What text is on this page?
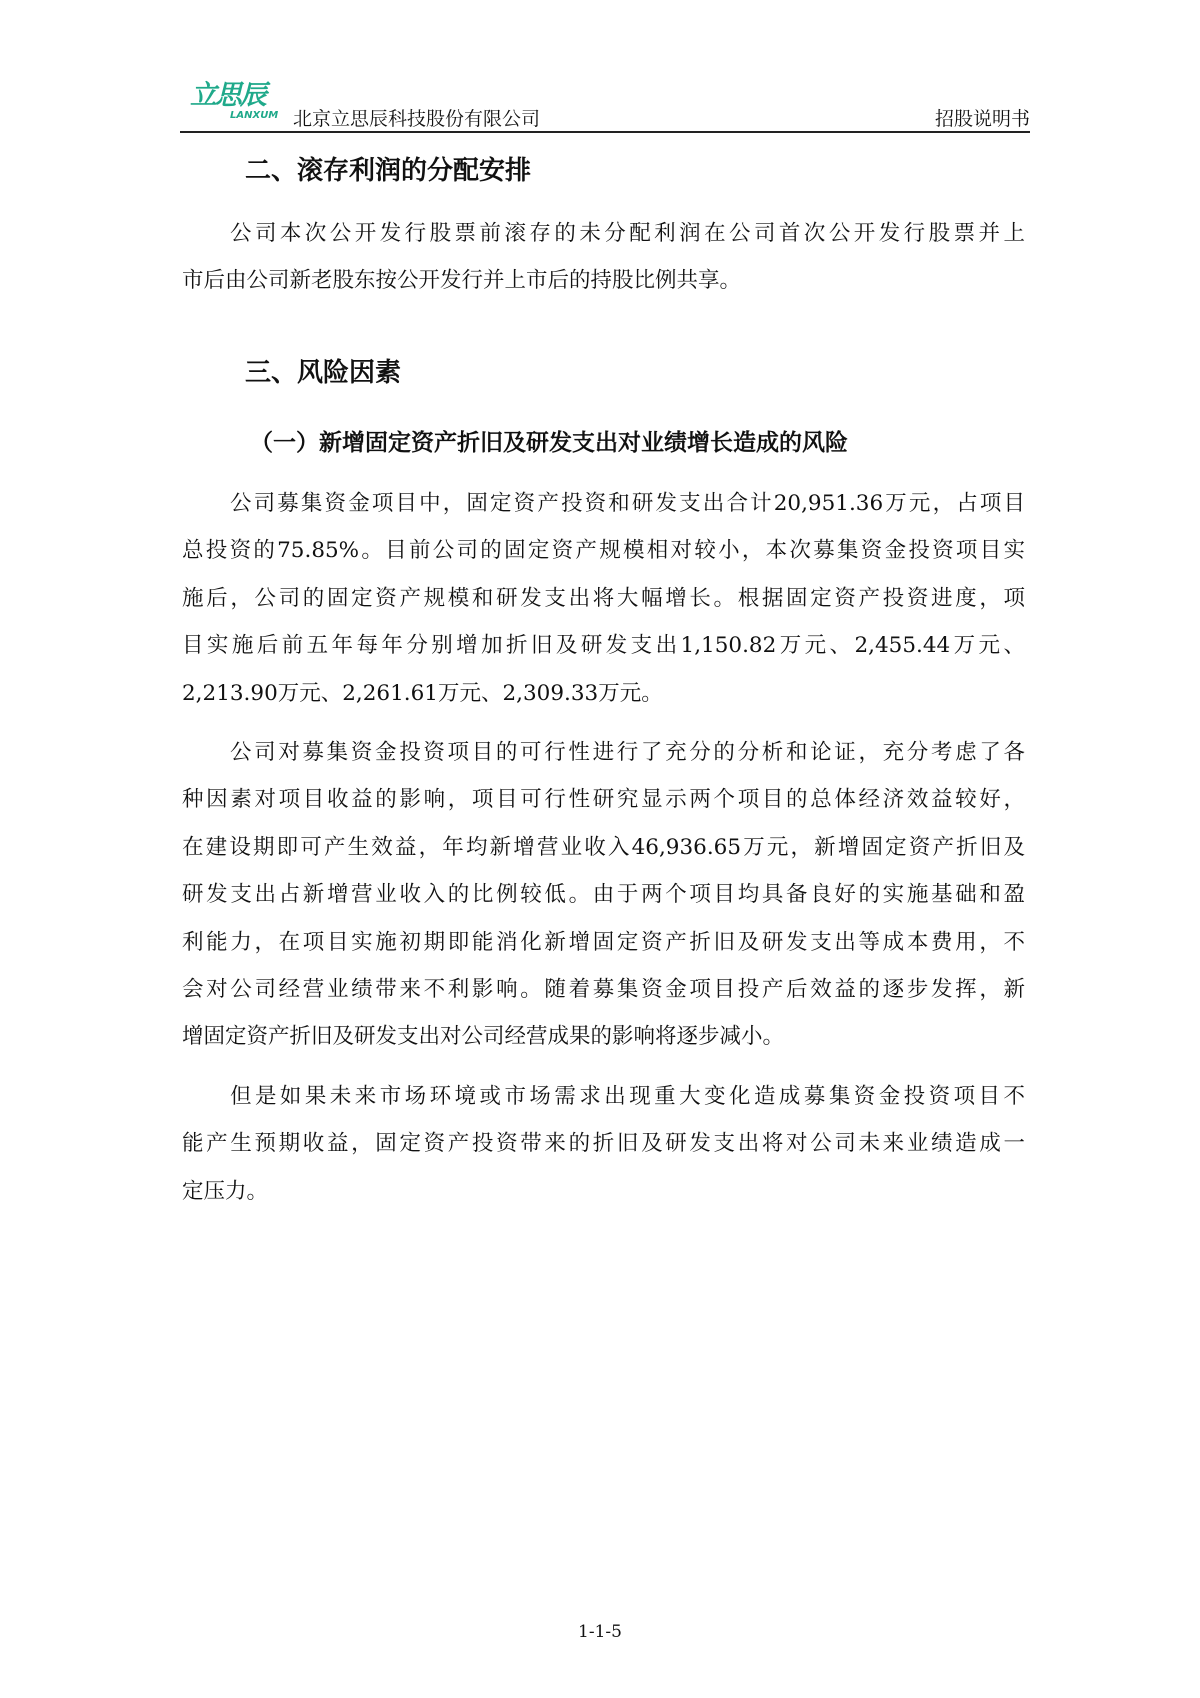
立思辰
LANXUM 北京立思辰科技股份有限公司	招股说明书
二、滚存利润的分配安排
公司本次公开发行股票前滚存的未分配利润在公司首次公开发行股票并上
市后由公司新老股东按公开发行并上市后的持股比例共享。
三、风险因素
（一）新增固定资产折旧及研发支出对业绩增长造成的风险
公司募集资金项目中，固定资产投资和研发支出合计20,951.36万元，占项目
总投资的75.85%。目前公司的固定资产规模相对较小，本次募集资金投资项目实
施后，公司的固定资产规模和研发支出将大幅增长。根据固定资产投资进度，项
目实施后前五年每年分别增加折旧及研发支出1,150.82万元、2,455.44万元、
2,213.90万元、2,261.61万元、2,309.33万元。
公司对募集资金投资项目的可行性进行了充分的分析和论证，充分考虑了各
种因素对项目收益的影响，项目可行性研究显示两个项目的总体经济效益较好，
在建设期即可产生效益，年均新增营业收入46,936.65万元，新增固定资产折旧及
研发支出占新增营业收入的比例较低。由于两个项目均具备良好的实施基础和盈
利能力，在项目实施初期即能消化新增固定资产折旧及研发支出等成本费用，不
会对公司经营业绩带来不利影响。随着募集资金项目投产后效益的逐步发挥，新
增固定资产折旧及研发支出对公司经营成果的影响将逐步减小。
但是如果未来市场环境或市场需求出现重大变化造成募集资金投资项目不
能产生预期收益，固定资产投资带来的折旧及研发支出将对公司未来业绩造成一
定压力。
1-1-5
